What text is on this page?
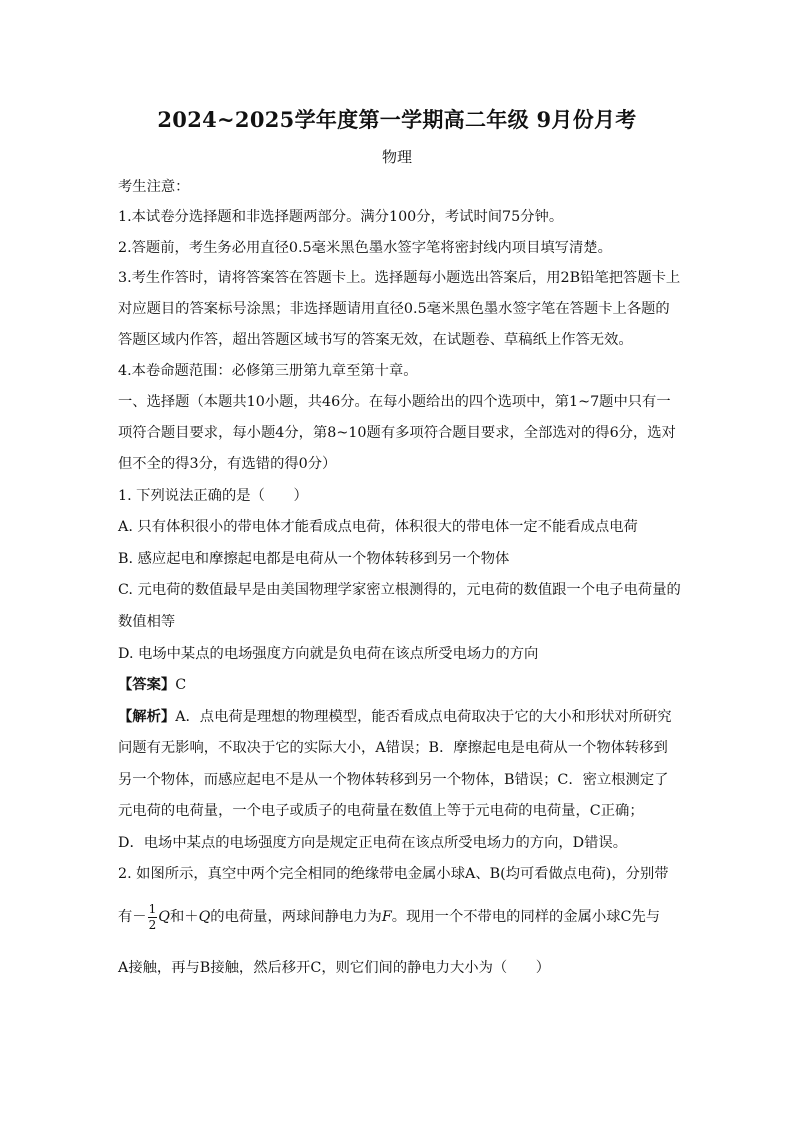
2024~2025学年度第一学期高二年级 9月份月考
物理
考生注意：
1.本试卷分选择题和非选择题两部分。满分100分，考试时间75分钟。
2.答题前，考生务必用直径0.5毫米黑色墨水签字笔将密封线内项目填写清楚。
3.考生作答时，请将答案答在答题卡上。选择题每小题选出答案后，用2B铅笔把答题卡上
对应题目的答案标号涂黑；非选择题请用直径0.5毫米黑色墨水签字笔在答题卡上各题的
答题区域内作答，超出答题区域书写的答案无效，在试题卷、草稿纸上作答无效。
4.本卷命题范围：必修第三册第九章至第十章。
一、选择题（本题共10小题，共46分。在每小题给出的四个选项中，第1~7题中只有一
项符合题目要求，每小题4分，第8~10题有多项符合题目要求，全部选对的得6分，选对
但不全的得3分，有选错的得0分）
1. 下列说法正确的是（　　）
A. 只有体积很小的带电体才能看成点电荷，体积很大的带电体一定不能看成点电荷
B. 感应起电和摩擦起电都是电荷从一个物体转移到另一个物体
C. 元电荷的数值最早是由美国物理学家密立根测得的，元电荷的数值跟一个电子电荷量的
数值相等
D. 电场中某点的电场强度方向就是负电荷在该点所受电场力的方向
【答案】C
【解析】A．点电荷是理想的物理模型，能否看成点电荷取决于它的大小和形状对所研究
问题有无影响，不取决于它的实际大小，A错误；B．摩擦起电是电荷从一个物体转移到
另一个物体，而感应起电不是从一个物体转移到另一个物体，B错误；C．密立根测定了
元电荷的电荷量，一个电子或质子的电荷量在数值上等于元电荷的电荷量，C正确；
D．电场中某点的电场强度方向是规定正电荷在该点所受电场力的方向，D错误。
2. 如图所示，真空中两个完全相同的绝缘带电金属小球A、B(均可看做点电荷)，分别带
有－ $\frac{1}{2}$ Q和＋Q的电荷量，两球间静电力为F。现用一个不带电的同样的金属小球C先与
A接触，再与B接触，然后移开C，则它们间的静电力大小为（　　）
